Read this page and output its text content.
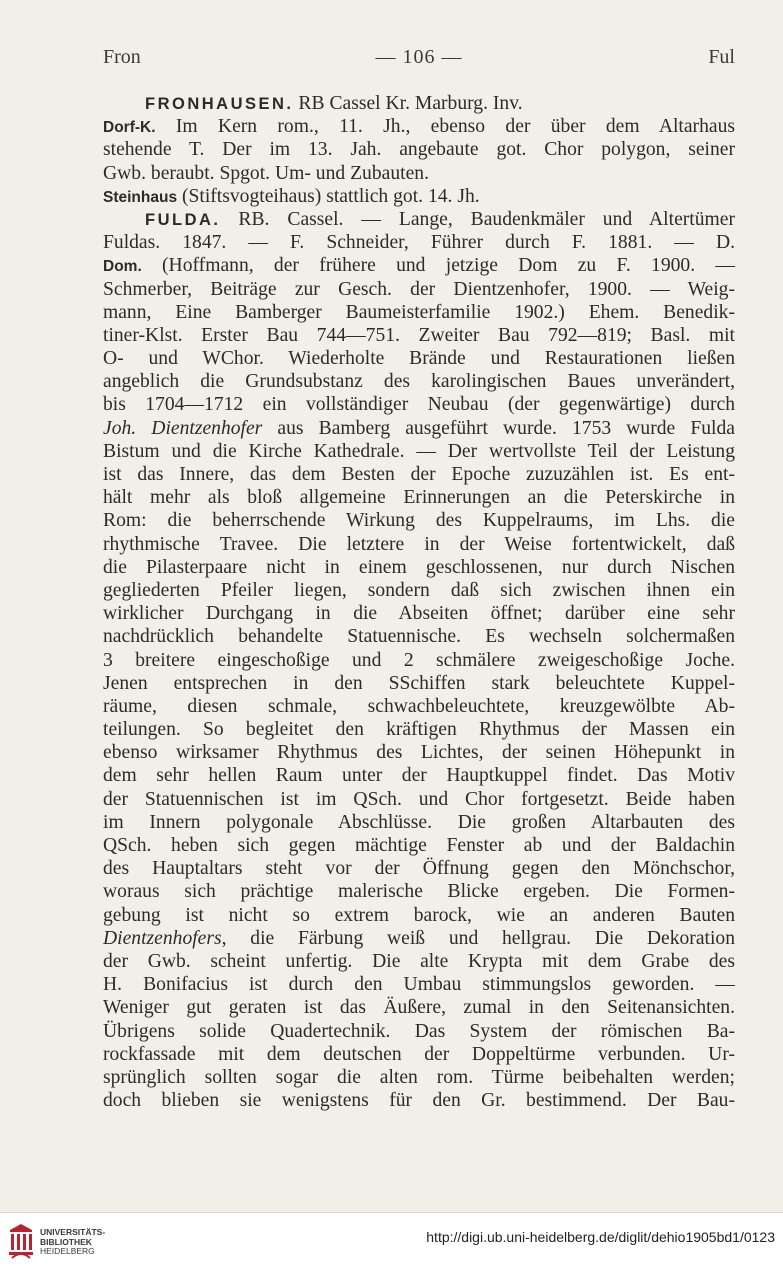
Fron	— 106 —	Ful
FRONHAUSEN. RB Cassel Kr. Marburg. Inv.
Dorf-K. Im Kern rom., 11. Jh., ebenso der über dem Altarhaus
stehende T. Der im 13. Jah. angebaute got. Chor polygon, seiner
Gwb. beraubt. Spgot. Um- und Zubauten.
Steinhaus (Stiftsvogteihaus) stattlich got. 14. Jh.
FULDA. RB. Cassel. — Lange, Baudenkmäler und Altertümer
Fuldas. 1847. — F. Schneider, Führer durch F. 1881. — D.
Dom. (Hoffmann, der frühere und jetzige Dom zu F. 1900. —
Schmerber, Beiträge zur Gesch. der Dientzenhofer, 1900. — Weig-
mann, Eine Bamberger Baumeisterfamilie 1902.) Ehem. Benedik-
tiner-Klst. Erster Bau 744—751. Zweiter Bau 792—819; Basl. mit
O- und WChor. Wiederholte Brände und Restaurationen ließen
angeblich die Grundsubstanz des karolingischen Baues unverändert,
bis 1704—1712 ein vollständiger Neubau (der gegenwärtige) durch
Joh. Dientzenhofer aus Bamberg ausgeführt wurde. 1753 wurde Fulda
Bistum und die Kirche Kathedrale. — Der wertvollste Teil der Leistung
ist das Innere, das dem Besten der Epoche zuzuzählen ist. Es ent-
hält mehr als bloß allgemeine Erinnerungen an die Peterskirche in
Rom: die beherrschende Wirkung des Kuppelraums, im Lhs. die
rhythmische Travee. Die letztere in der Weise fortentwickelt, daß
die Pilasterpaare nicht in einem geschlossenen, nur durch Nischen
gegliederten Pfeiler liegen, sondern daß sich zwischen ihnen ein
wirklicher Durchgang in die Abseiten öffnet; darüber eine sehr
nachdrücklich behandelte Statuennische. Es wechseln solchermaßen
3 breitere eingeschoßige und 2 schmälere zweigeschoßige Joche.
Jenen entsprechen in den SSchiffen stark beleuchtete Kuppel-
räume, diesen schmale, schwachbeleuchtete, kreuzgewölbte Ab-
teilungen. So begleitet den kräftigen Rhythmus der Massen ein
ebenso wirksamer Rhythmus des Lichtes, der seinen Höhepunkt in
dem sehr hellen Raum unter der Hauptkuppel findet. Das Motiv
der Statuennischen ist im QSch. und Chor fortgesetzt. Beide haben
im Innern polygonale Abschlüsse. Die großen Altarbauten des
QSch. heben sich gegen mächtige Fenster ab und der Baldachin
des Hauptaltars steht vor der Öffnung gegen den Mönchschor,
woraus sich prächtige malerische Blicke ergeben. Die Formen-
gebung ist nicht so extrem barock, wie an anderen Bauten
Dientzenhofers, die Färbung weiß und hellgrau. Die Dekoration
der Gwb. scheint unfertig. Die alte Krypta mit dem Grabe des
H. Bonifacius ist durch den Umbau stimmungslos geworden. —
Weniger gut geraten ist das Äußere, zumal in den Seitenansichten.
Übrigens solide Quadertechnik. Das System der römischen Ba-
rockfassade mit dem deutschen der Doppeltürme verbunden. Ur-
sprünglich sollten sogar die alten rom. Türme beibehalten werden;
doch blieben sie wenigstens für den Gr. bestimmend. Der Bau-
UNIVERSITÄTS-
BIBLIOTHEK
HEIDELBERG
http://digi.ub.uni-heidelberg.de/diglit/dehio1905bd1/0123
